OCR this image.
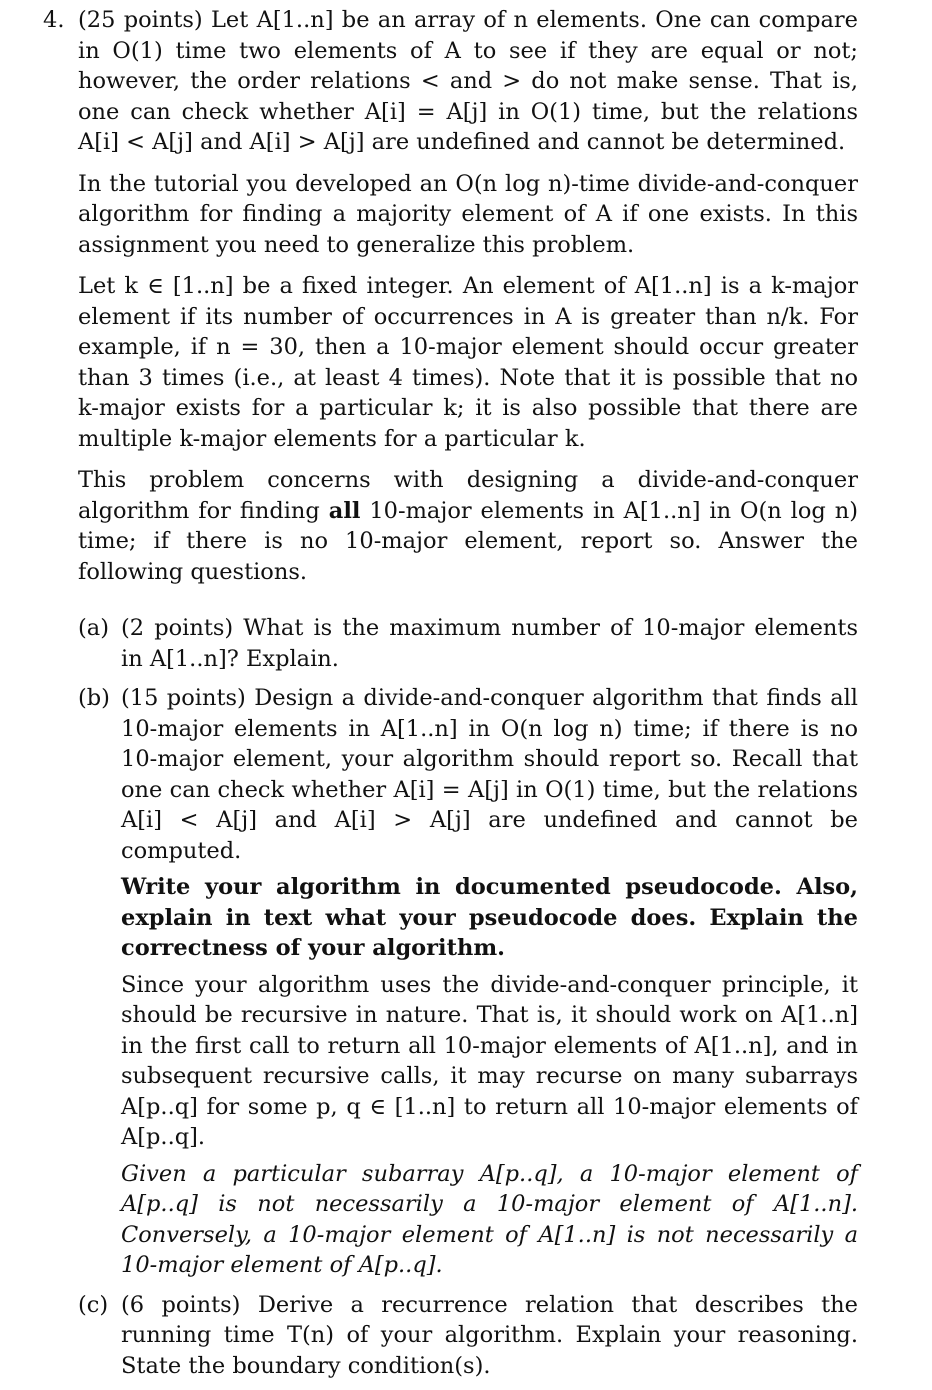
4. (25 points) Let A[1..n] be an array of n elements. One can compare in O(1) time two elements of A to see if they are equal or not; however, the order relations < and > do not make sense. That is, one can check whether A[i] = A[j] in O(1) time, but the relations A[i] < A[j] and A[i] > A[j] are undefined and cannot be determined.

In the tutorial you developed an O(n log n)-time divide-and-conquer algorithm for finding a majority element of A if one exists. In this assignment you need to generalize this problem.

Let k ∈ [1..n] be a fixed integer. An element of A[1..n] is a k-major element if its number of occurrences in A is greater than n/k. For example, if n = 30, then a 10-major element should occur greater than 3 times (i.e., at least 4 times). Note that it is possible that no k-major exists for a particular k; it is also possible that there are multiple k-major elements for a particular k.

This problem concerns with designing a divide-and-conquer algorithm for finding all 10-major elements in A[1..n] in O(n log n) time; if there is no 10-major element, report so. Answer the following questions.

(a) (2 points) What is the maximum number of 10-major elements in A[1..n]? Explain.

(b) (15 points) Design a divide-and-conquer algorithm that finds all 10-major elements in A[1..n] in O(n log n) time; if there is no 10-major element, your algorithm should report so. Recall that one can check whether A[i] = A[j] in O(1) time, but the relations A[i] < A[j] and A[i] > A[j] are undefined and cannot be computed.

Write your algorithm in documented pseudocode. Also, explain in text what your pseudocode does. Explain the correctness of your algorithm.

Since your algorithm uses the divide-and-conquer principle, it should be recursive in nature. That is, it should work on A[1..n] in the first call to return all 10-major elements of A[1..n], and in subsequent recursive calls, it may recurse on many subarrays A[p..q] for some p, q ∈ [1..n] to return all 10-major elements of A[p..q].

Given a particular subarray A[p..q], a 10-major element of A[p..q] is not necessarily a 10-major element of A[1..n]. Conversely, a 10-major element of A[1..n] is not necessarily a 10-major element of A[p..q].

(c) (6 points) Derive a recurrence relation that describes the running time T(n) of your algorithm. Explain your reasoning. State the boundary condition(s).
